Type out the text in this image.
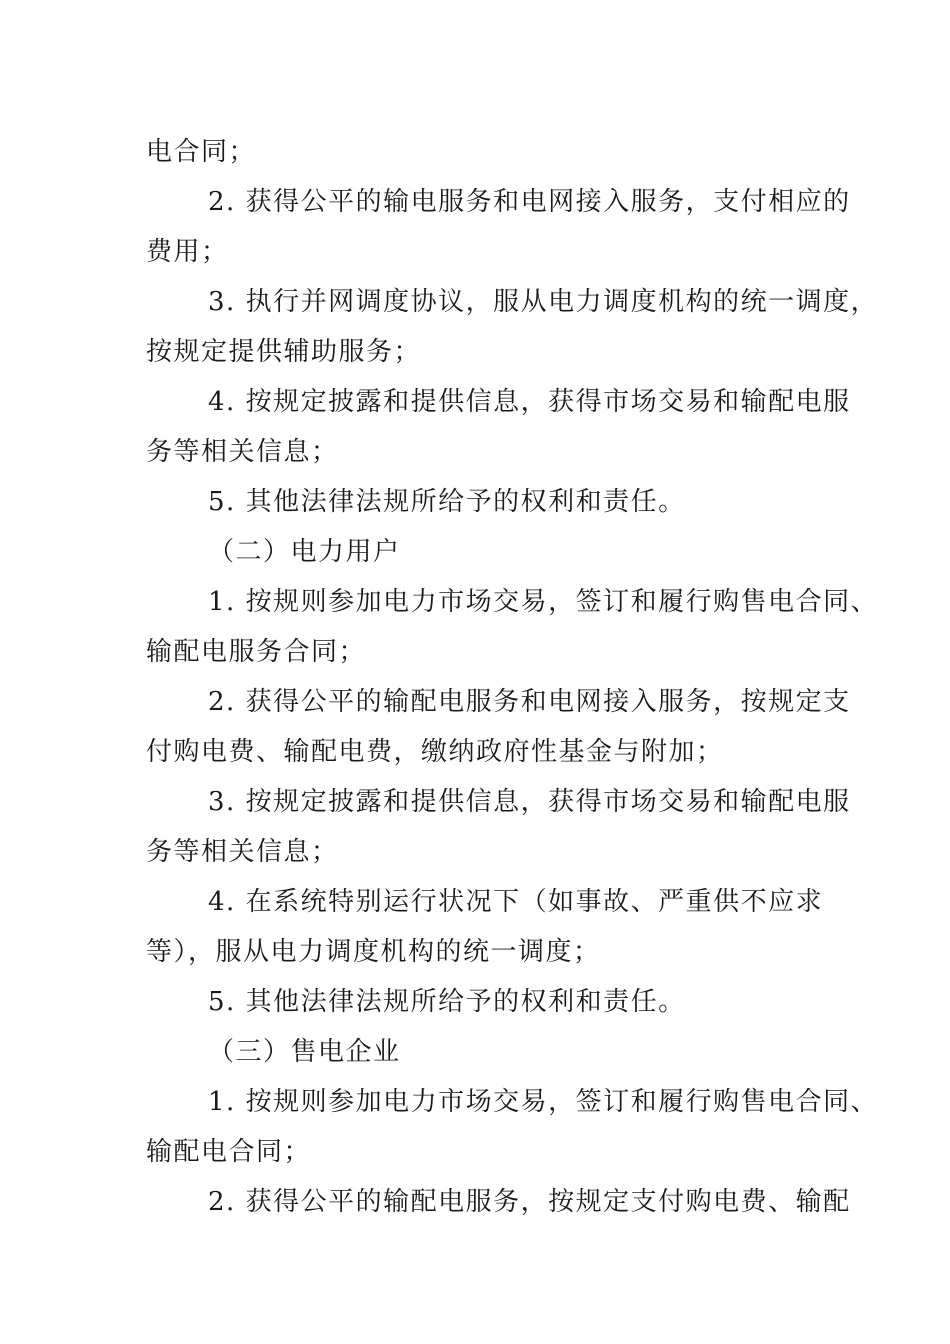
电合同；
2. 获得公平的输电服务和电网接入服务，支付相应的
费用；
3. 执行并网调度协议，服从电力调度机构的统一调度，
按规定提供辅助服务；
4. 按规定披露和提供信息，获得市场交易和输配电服
务等相关信息；
5. 其他法律法规所给予的权利和责任。
（二）电力用户
1. 按规则参加电力市场交易，签订和履行购售电合同、
输配电服务合同；
2. 获得公平的输配电服务和电网接入服务，按规定支
付购电费、输配电费，缴纳政府性基金与附加；
3. 按规定披露和提供信息，获得市场交易和输配电服
务等相关信息；
4. 在系统特别运行状况下（如事故、严重供不应求
等），服从电力调度机构的统一调度；
5. 其他法律法规所给予的权利和责任。
（三）售电企业
1. 按规则参加电力市场交易，签订和履行购售电合同、
输配电合同；
2. 获得公平的输配电服务，按规定支付购电费、输配
